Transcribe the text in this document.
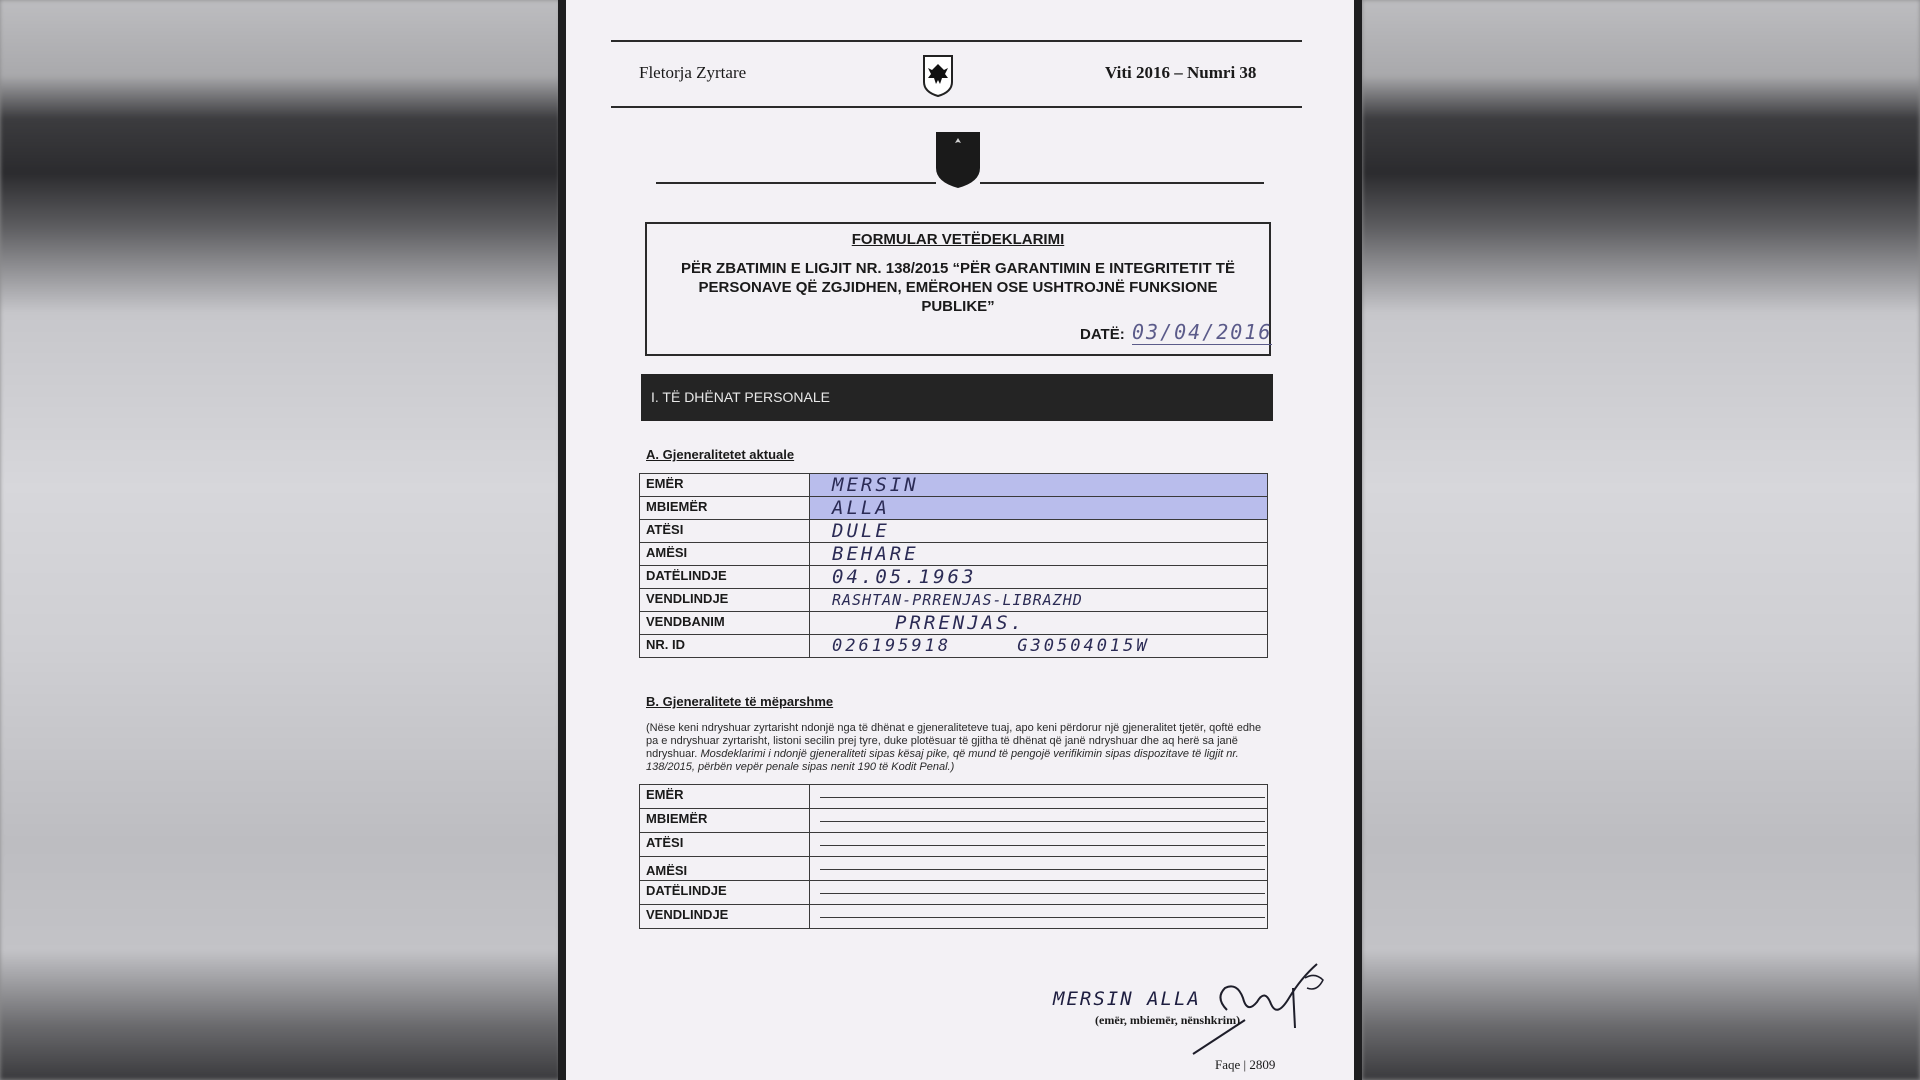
Fletorja Zyrtare	Viti 2016 – Numri 38
FORMULAR VETËDEKLARIMI
PËR ZBATIMIN E LIGJIT NR. 138/2015 “PËR GARANTIMIN E INTEGRITETIT TË PERSONAVE QË ZGJIDHEN, EMËROHEN OSE USHTROJNË FUNKSIONE PUBLIKE”
DATË: 03/04/2016
I. TË DHËNAT PERSONALE
A. Gjeneralitetet aktuale
EMËR	MERSIN

MBIEMËR	ALLA

ATËSI	DULE

AMËSI	BEHARE

DATËLINDJE	04.05.1963

VENDLINDJE	RASHTAN-PRRENJAS-LIBRAZHD

VENDBANIM	PRRENJAS.

NR. ID	026195918     G30504015W
B. Gjeneralitete të mëparshme
(Nëse keni ndryshuar zyrtarisht ndonjë nga të dhënat e gjeneraliteteve tuaj, apo keni përdorur një gjeneralitet tjetër, qoftë edhe pa e ndryshuar zyrtarisht, listoni secilin prej tyre, duke plotësuar të gjitha të dhënat që janë ndryshuar dhe aq herë sa janë ndryshuar. Mosdeklarimi i ndonjë gjeneraliteti sipas kësaj pike, që mund të pengojë verifikimin sipas dispozitave të ligjit nr. 138/2015, përbën vepër penale sipas nenit 190 të Kodit Penal.)
EMËR	

MBIEMËR	

ATËSI	

AMËSI	

DATËLINDJE	

VENDLINDJE	
MERSIN ALLA
(emër, mbiemër, nënshkrim)
Faqe | 2809
